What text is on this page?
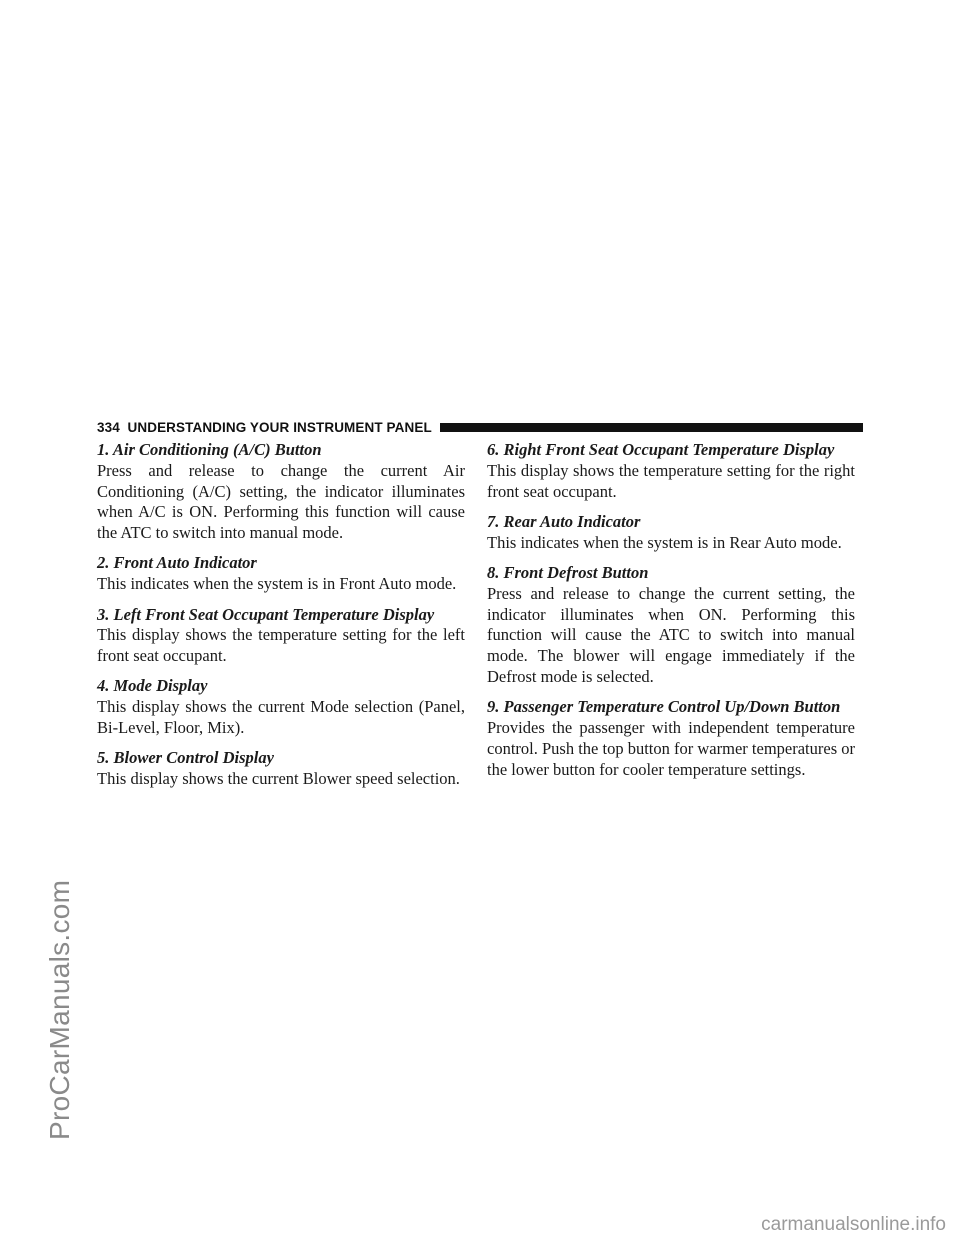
ProCarManuals.com
334 UNDERSTANDING YOUR INSTRUMENT PANEL
1. Air Conditioning (A/C) Button
Press and release to change the current Air Conditioning (A/C) setting, the indicator illuminates when A/C is ON. Performing this function will cause the ATC to switch into manual mode.
2. Front Auto Indicator
This indicates when the system is in Front Auto mode.
3. Left Front Seat Occupant Temperature Display
This display shows the temperature setting for the left front seat occupant.
4. Mode Display
This display shows the current Mode selection (Panel, Bi-Level, Floor, Mix).
5. Blower Control Display
This display shows the current Blower speed selection.
6. Right Front Seat Occupant Temperature Display
This display shows the temperature setting for the right front seat occupant.
7. Rear Auto Indicator
This indicates when the system is in Rear Auto mode.
8. Front Defrost Button
Press and release to change the current setting, the indicator illuminates when ON. Performing this function will cause the ATC to switch into manual mode. The blower will engage immediately if the Defrost mode is selected.
9. Passenger Temperature Control Up/Down Button
Provides the passenger with independent temperature control. Push the top button for warmer temperatures or the lower button for cooler temperature settings.
carmanualsonline.info
